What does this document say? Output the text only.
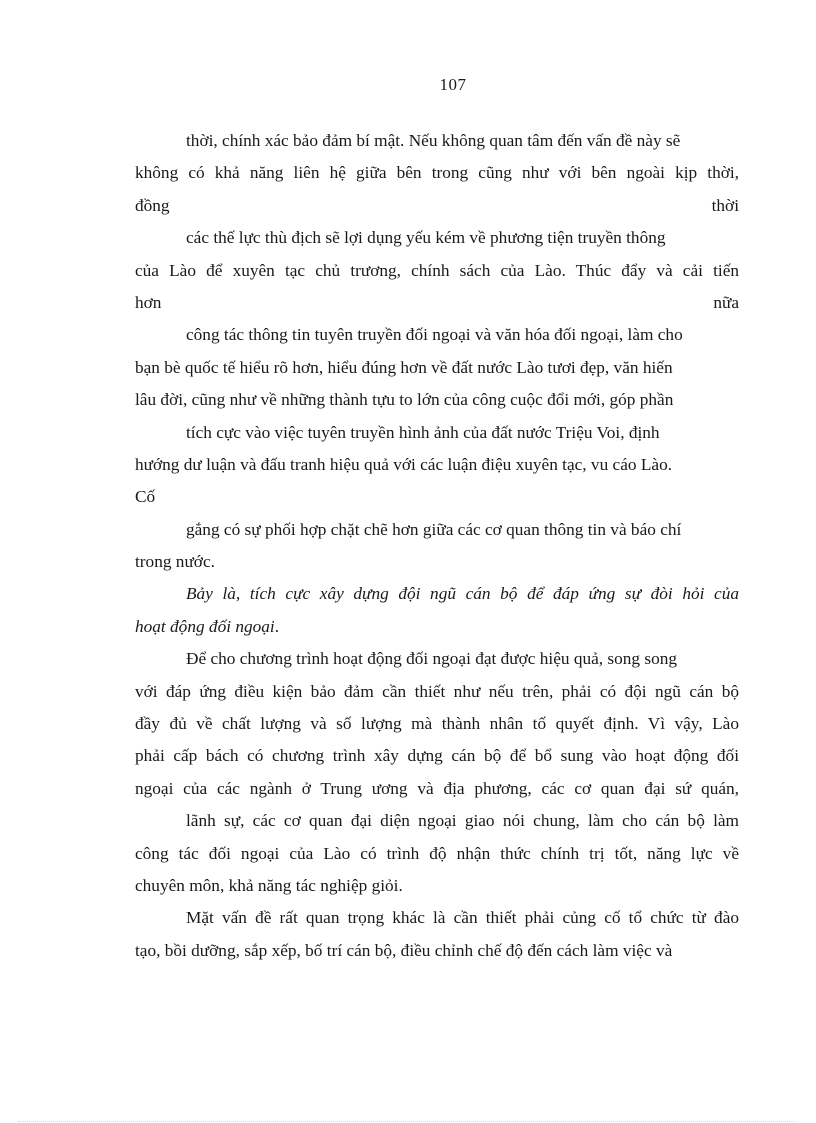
107
thời, chính xác bảo đảm bí mật. Nếu không quan tâm đến vấn đề này sẽ
không có khả năng liên hệ giữa bên trong cũng như với bên ngoài kịp thời,
đồng	thời
các thế lực thù địch sẽ lợi dụng yếu kém về phương tiện truyền thông
của Lào để xuyên tạc chủ trương, chính sách của Lào. Thúc đẩy và cải tiến
hơn	nữa
công tác thông tin tuyên truyền đối ngoại và văn hóa đối ngoại, làm cho
bạn bè quốc tế hiểu rõ hơn, hiểu đúng hơn về đất nước Lào tươi đẹp, văn hiến
lâu đời, cũng như về những thành tựu to lớn của công cuộc đổi mới, góp phần
tích cực vào việc tuyên truyền hình ảnh của đất nước Triệu Voi, định
hướng dư luận và đấu tranh hiệu quả với các luận điệu xuyên tạc, vu cáo Lào.
Cố
gắng có sự phối hợp chặt chẽ hơn giữa các cơ quan thông tin và báo chí
trong nước.
Bảy là, tích cực xây dựng đội ngũ cán bộ để đáp ứng sự đòi hỏi của
hoạt động đối ngoại.
Để cho chương trình hoạt động đối ngoại đạt được hiệu quả, song song
với đáp ứng điều kiện bảo đảm cần thiết như nếu trên, phải có đội ngũ cán bộ
đầy đủ về chất lượng và số lượng mà thành nhân tố quyết định. Vì vậy, Lào
phải cấp bách có chương trình xây dựng cán bộ để bổ sung vào hoạt động đối
ngoại của các ngành ở Trung ương và địa phương, các cơ quan đại sứ quán,
lãnh sự, các cơ quan đại diện ngoại giao nói chung, làm cho cán bộ làm
công tác đối ngoại của Lào có trình độ nhận thức chính trị tốt, năng lực về
chuyên môn, khả năng tác nghiệp giỏi.
Mặt vấn đề rất quan trọng khác là cần thiết phải củng cố tổ chức từ đào
tạo, bồi dưỡng, sắp xếp, bố trí cán bộ, điều chỉnh chế độ đến cách làm việc và
